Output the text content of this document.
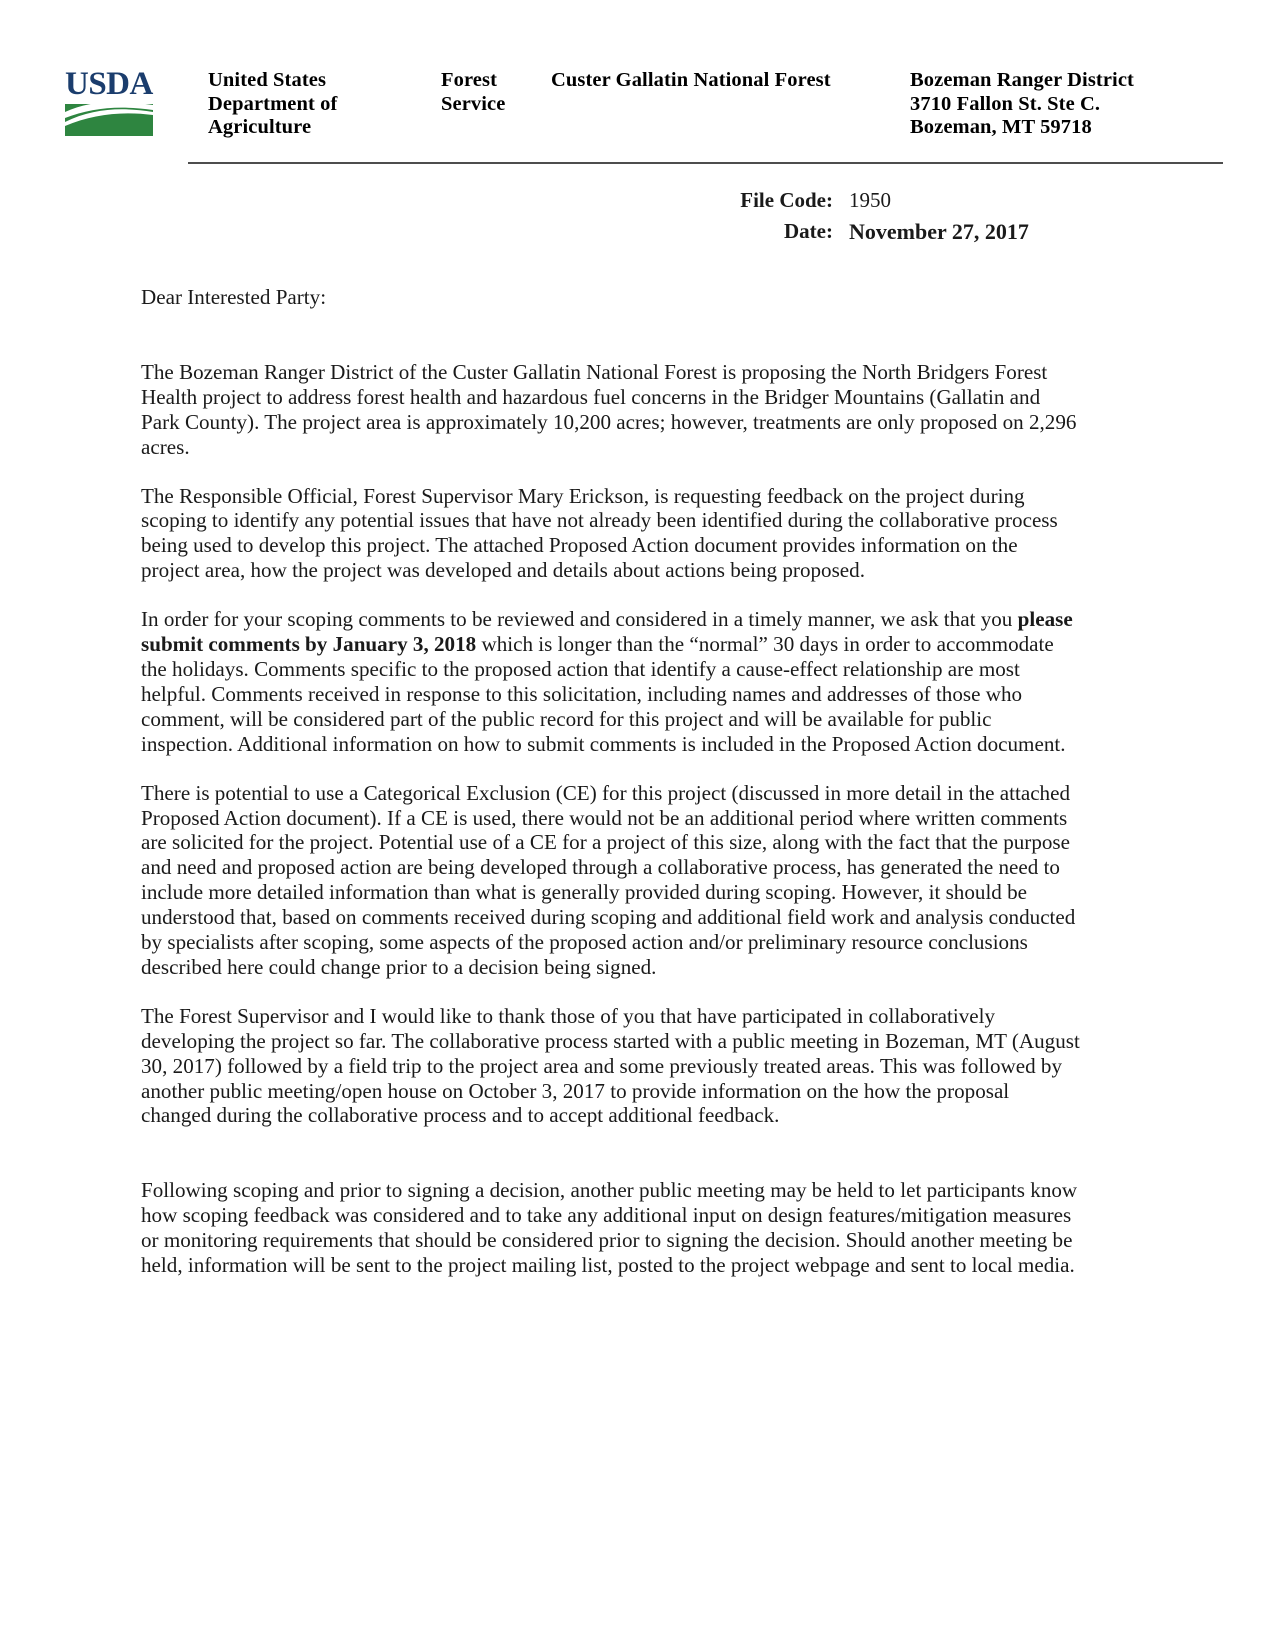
USDA	United States
Department of
Agriculture
Forest
Service
Custer Gallatin National Forest	Bozeman Ranger District
3710 Fallon St. Ste C.
Bozeman, MT 59718
File Code: 1950
Date: November 27, 2017

Dear Interested Party:

The Bozeman Ranger District of the Custer Gallatin National Forest is proposing the North Bridgers Forest Health project to address forest health and hazardous fuel concerns in the Bridger Mountains (Gallatin and Park County). The project area is approximately 10,200 acres; however, treatments are only proposed on 2,296 acres.

The Responsible Official, Forest Supervisor Mary Erickson, is requesting feedback on the project during scoping to identify any potential issues that have not already been identified during the collaborative process being used to develop this project. The attached Proposed Action document provides information on the project area, how the project was developed and details about actions being proposed.

In order for your scoping comments to be reviewed and considered in a timely manner, we ask that you please submit comments by January 3, 2018 which is longer than the “normal” 30 days in order to accommodate the holidays. Comments specific to the proposed action that identify a cause-effect relationship are most helpful. Comments received in response to this solicitation, including names and addresses of those who comment, will be considered part of the public record for this project and will be available for public inspection. Additional information on how to submit comments is included in the Proposed Action document.

There is potential to use a Categorical Exclusion (CE) for this project (discussed in more detail in the attached Proposed Action document). If a CE is used, there would not be an additional period where written comments are solicited for the project. Potential use of a CE for a project of this size, along with the fact that the purpose and need and proposed action are being developed through a collaborative process, has generated the need to include more detailed information than what is generally provided during scoping. However, it should be understood that, based on comments received during scoping and additional field work and analysis conducted by specialists after scoping, some aspects of the proposed action and/or preliminary resource conclusions described here could change prior to a decision being signed.

The Forest Supervisor and I would like to thank those of you that have participated in collaboratively developing the project so far. The collaborative process started with a public meeting in Bozeman, MT (August 30, 2017) followed by a field trip to the project area and some previously treated areas. This was followed by another public meeting/open house on October 3, 2017 to provide information on the how the proposal changed during the collaborative process and to accept additional feedback.

Following scoping and prior to signing a decision, another public meeting may be held to let participants know how scoping feedback was considered and to take any additional input on design features/mitigation measures or monitoring requirements that should be considered prior to signing the decision. Should another meeting be held, information will be sent to the project mailing list, posted to the project webpage and sent to local media.
